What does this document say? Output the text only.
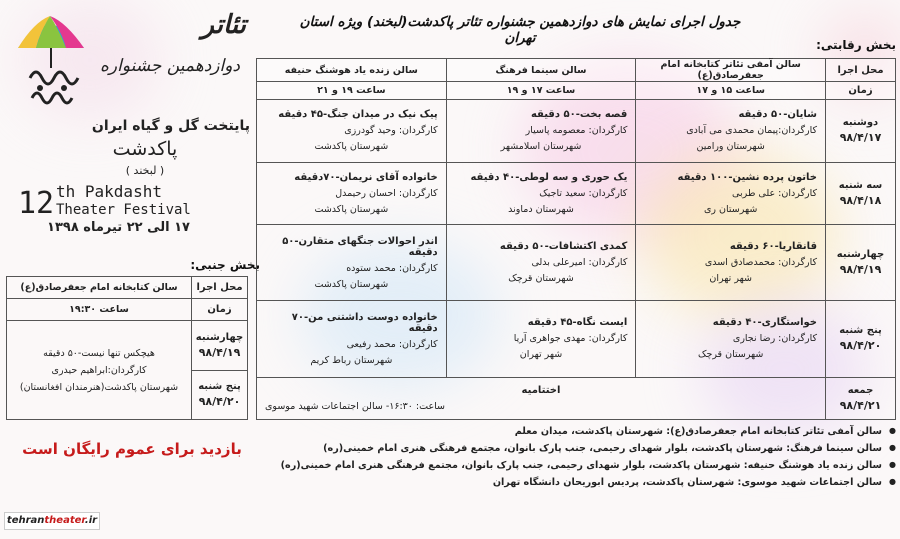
تئاتر
دوازدهمین جشنواره
پایتخت گل و گیاه ایران
پاکدشت
( لبخند )
12 th Pakdasht
Theater Festival
۱۷ الی ۲۲ تیرماه ۱۳۹۸
جدول اجرای نمایش های دوازدهمین جشنواره تئاتر پاکدشت(لبخند) ویژه استان تهران	بخش رقابتی:
بخش جنبی:
محل اجرا	سالن آمفی تئاتر کتابخانه امام جعفرصادق(ع)	سالن سینما فرهنگ	سالن زنده یاد هوشنگ حنیفه
زمان	ساعت ۱۵ و ۱۷	ساعت ۱۷ و ۱۹	ساعت ۱۹ و ۲۱

دوشنبه
۹۸/۴/۱۷	شایان-۵۰ دقیقه
کارگردان:پیمان محمدی می آبادی
شهرستان ورامین	قصه بخت-۵۰ دقیقه
کارگردان: معصومه پاسیار
شهرستان اسلامشهر	پیک نیک در میدان جنگ-۴۵ دقیقه
کارگردان: وحید گودرزی
شهرستان پاکدشت

سه شنبه
۹۸/۴/۱۸	خاتون پرده نشین-۱۰۰ دقیقه
کارگردان: علی طربی
شهرستان ری	یک حوری و سه لوطی-۴۰ دقیقه
کارگردان: سعید تاجیک
شهرستان دماوند	خانواده آقای نریمان-۷۰دقیقه
کارگردان: احسان رحیمدل
شهرستان پاکدشت

چهارشنبه
۹۸/۴/۱۹	قانقاریا-۶۰ دقیقه
کارگردان: محمدصادق اسدی
شهر تهران	کمدی اکتشافات-۵۰ دقیقه
کارگردان: امیرعلی بدلی
شهرستان قرچک	اندر احوالات جنگهای متقارن-۵۰ دقیقه
کارگردان: محمد ستوده
شهرستان پاکدشت

پنج شنبه
۹۸/۴/۲۰	خواستگاری-۴۰ دقیقه
کارگردان: رضا نجاری
شهرستان قرچک	ایست نگاه-۴۵ دقیقه
کارگردان: مهدی جواهری آریا
شهر تهران	خانواده دوست داشتنی من-۷۰ دقیقه
کارگردان: محمد رفیعی
شهرستان رباط کریم

جمعه
۹۸/۴/۲۱	اختتامیه
ساعت: ۱۶:۳۰- سالن اجتماعات شهید موسوی		
محل اجرا	سالن کتابخانه امام جعفرصادق(ع)
زمان	ساعت ۱۹:۳۰

چهارشنبه
۹۸/۴/۱۹	هیچکس تنها نیست-۵۰ دقیقه
کارگردان:ابراهیم حیدری
شهرستان پاکدشت(هنرمندان افغانستان)

پنج شنبه
۹۸/۴/۲۰	
بازدید برای عموم رایگان است
● سالن آمفی تئاتر کتابخانه امام جعفرصادق(ع): شهرستان پاکدشت، میدان معلم
● سالن سینما فرهنگ: شهرستان پاکدشت، بلوار شهدای رحیمی، جنب پارک بانوان، مجتمع فرهنگی هنری امام خمینی(ره)
● سالن زنده یاد هوشنگ حنیفه: شهرستان پاکدشت، بلوار شهدای رحیمی، جنب پارک بانوان، مجتمع فرهنگی هنری امام خمینی(ره)
● سالن اجتماعات شهید موسوی: شهرستان پاکدشت، پردیس ابوریحان دانشگاه تهران
tehrantheater.ir
